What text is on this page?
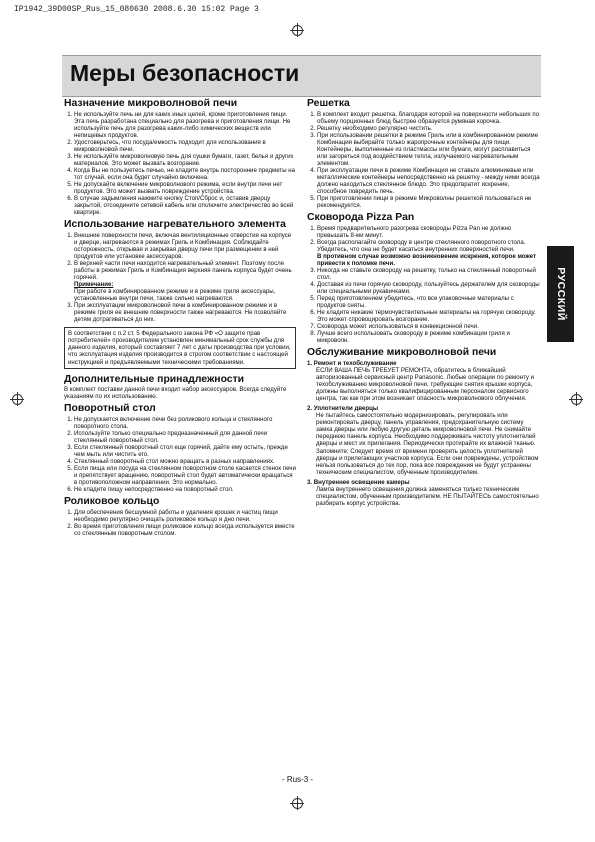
IP1942_39D00SP_Rus_15_080630 2008.6.30 15:02 Page 3
Меры безопасности
Назначение микроволновой печи
1. Не используйте печь ни для каких иных целей, кроме приготовления пищи. Эта печь разработана специально для разогрева и приготовления пищи. Не используйте печь для разогрева каких-либо химических веществ или непищевых продуктов.
2. Удостоверьтесь, что посуда/емкость подходит для использования в микроволновой печи.
3. Не используйте микроволновую печь для сушки бумаги, газет, белья и других материалов. Это может вызвать возгорание.
4. Когда Вы не пользуетесь печью, не кладите внутрь посторонние предметы на тот случай, если она будет случайно включена.
5. Не допускайте включение микроволнового режима, если внутри печи нет продуктов. Это может вызвать повреждение устройства.
6. В случае задымления нажмите кнопку Стоп/Сброс и, оставив дверцу закрытой, отсоедините сетевой кабель или отключите электричество во всей квартире.
Использование нагревательного элемента
1. Внешние поверхности печи, включая вентиляционные отверстия на корпусе и дверце, нагреваются в режимах Гриль и Комбинация. Соблюдайте осторожность, открывая и закрывая дверцу печи при размещении в ней продуктов или установке аксессуаров.
2. В верхней части печи находится нагревательный элемент. Поэтому после работы в режимах Гриль и Комбинация верхняя панель корпуса будет очень горячей.
Примечание:
При работе в комбинированном режиме и в режиме гриля аксессуары, установленные внутри печи, также сильно нагреваются.
3. При эксплуатации микроволновой печи в комбинированном режиме и в режиме гриля ее внешние поверхности также нагреваются. Не позволяйте детям дотрагиваться до них.
В соответствии с п.2 ст. 5 Федерального закона РФ «О защите прав потребителей» производителем установлен минимальный срок службы для данного изделия, который составляет 7 лет с даты производства при условии, что эксплуатация изделия производится в строгом соответствии с настоящей инструкцией и предъявляемыми техническими требованиями.
Дополнительные принадлежности

В комплект поставки данной печи входит набор аксессуаров. Всегда следуйте указаниям по их использованию.

Поворотный стол
1. Не допускается включение печи без роликового кольца и стеклянного поворотного стола.
2. Используйте только специально предназначенный для данной печи стеклянный поворотный стол.
3. Если стеклянный поворотный стол еще горячий, дайте ему остыть, прежде чем мыть или чистить его.
4. Стеклянный поворотный стол можно вращать в разных направлениях.
5. Если пища или посуда на стеклянном поворотном столе касается стенок печи и препятствует вращению, поворотный стол будет автоматически вращаться в противоположном направлении. Это нормально.
6. Не кладите пищу непосредственно на поворотный стол.
Роликовое кольцо
1. Для обеспечения бесшумной работы и удаления крошек и частиц пищи необходимо регулярно очищать роликовое кольцо и дно печи.
2. Во время приготовления пищи роликовое кольцо всегда используется вместе со стеклянным поворотным столом.
Решетка
1. В комплект входит решетка, благодаря которой на поверхности небольших по объему порционных блюд быстрее образуется румяная корочка.
2. Решетку необходимо регулярно чистить.
3. При использовании решетки в режиме Гриль или в комбинированном режиме Комбинация выбирайте только жаропрочные контейнеры для пищи. Контейнеры, выполненные из пластмассы или бумаги, могут расплавиться или загореться под воздействием тепла, излучаемого нагревательным элементом.
4. При эксплуатации печи в режиме Комбинация не ставьте алюминиевые или металлические контейнеры непосредственно на решетку - между ними всегда должно находиться стеклянное блюдо. Это предотвратит искрение, способное повредить печь.
5. При приготовлении пищи в режиме Микроволны решеткой пользоваться не рекомендуется.
Сковорода Pizza Pan
1. Время предварительного разогрева сковороды Pizza Pan не должно превышать 8-ми минут.
2. Всегда располагайте сковороду в центре стеклянного поворотного стола. Убедитесь, что она не будет касаться внутренних поверхностей печи.
В противном случае возможно возникновение искрения, которое может привести к поломке печи.
3. Никогда не ставьте сковороду на решетку, только на стеклянный поворотный стол.
4. Доставая из печи горячую сковороду, пользуйтесь держателем для сковороды или специальными рукавичками.
5. Перед приготовлением убедитесь, что все упаковочные материалы с продуктов сняты.
6. Не кладите никакие термочувствительные материалы на горячую сковороду. Это может спровоцировать возгорание.
7. Сковорода может использоваться в конвекционной печи.
8. Лучше всего использовать сковороду в режиме комбинации гриля и микроволн.
Обслуживание микроволновой печи
1. Ремонт и техобслуживание
ЕСЛИ ВАША ПЕЧЬ ТРЕБУЕТ РЕМОНТА, обратитесь в ближайший авторизованный сервисный центр Panasonic. Любые операции по ремонту и техобслуживанию микроволновой печи, требующие снятия крышки корпуса, должны выполняться только квалифицированным персоналом сервисного центра, так как при этом возникает опасность микроволнового облучения.
2. Уплотнители дверцы
Не пытайтесь самостоятельно модернизировать, регулировать или ремонтировать дверцу, панель управления, предохранительную систему замка дверцы или любую другую деталь микроволновой печи. Не снимайте переднюю панель корпуса. Необходимо поддерживать чистоту уплотнителей дверцы и мест их прилегания. Периодически протирайте их влажной тканью.
Запомните: Следует время от времени проверять целость уплотнителей дверцы и прилегающих участков корпуса. Если они повреждены, устройством нельзя пользоваться до тех пор, пока все повреждения не будут устранены техническим специалистом, обученным производителем.
3. Внутреннее освещение камеры
Лампа внутреннего освещения должна заменяться только техническим специалистом, обученным производителем. НЕ ПЫТАЙТЕСЬ самостоятельно разбирать корпус устройства.
РУССКИЙ
- Rus-3 -
